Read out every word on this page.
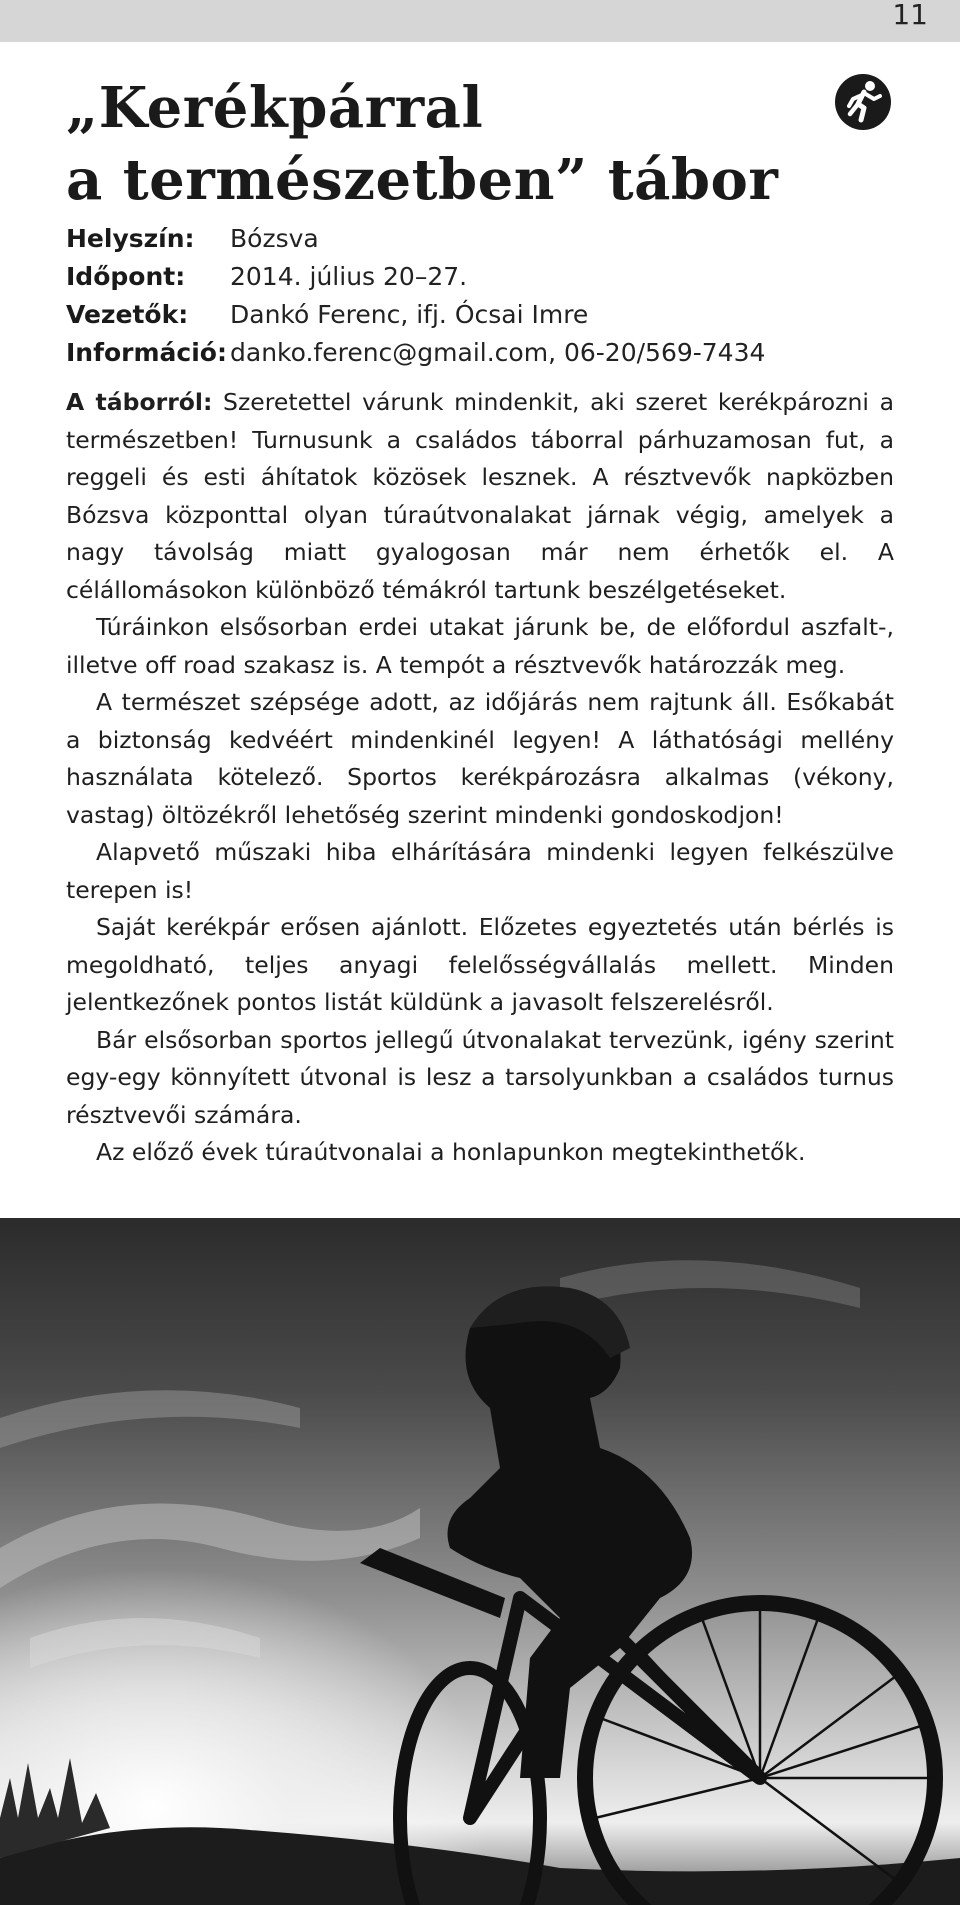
11
„Kerékpárral
a természetben” tábor
Helyszín:	Bózsva
Időpont:	2014. július 20–27.
Vezetők:	Dankó Ferenc, ifj. Ócsai Imre
Információ: danko.ferenc@gmail.com, 06-20/569-7434

A táborról: Szeretettel várunk mindenkit, aki szeret kerékpározni a természetben! Turnusunk a családos táborral párhuzamosan fut, a reggeli és esti áhítatok közösek lesznek. A résztvevők napközben Bózsva központtal olyan túraútvonalakat járnak végig, amelyek a nagy távolság miatt gyalogosan már nem érhetők el. A célállomásokon különböző témákról tartunk beszélgetéseket.

Túráinkon elsősorban erdei utakat járunk be, de előfordul aszfalt-, illetve off road szakasz is. A tempót a résztvevők határozzák meg.

A természet szépsége adott, az időjárás nem rajtunk áll. Esőkabát a biztonság kedvéért mindenkinél legyen! A láthatósági mellény használata kötelező. Sportos kerékpározásra alkalmas (vékony, vastag) öltözékről lehetőség szerint mindenki gondoskodjon!

Alapvető műszaki hiba elhárítására mindenki legyen felkészülve terepen is!

Saját kerékpár erősen ajánlott. Előzetes egyeztetés után bérlés is megoldható, teljes anyagi felelősségvállalás mellett. Minden jelentkezőnek pontos listát küldünk a javasolt felszerelésről.

Bár elsősorban sportos jellegű útvonalakat tervezünk, igény szerint egy-egy könnyített útvonal is lesz a tarsolyunkban a családos turnus résztvevői számára.

Az előző évek túraútvonalai a honlapunkon megtekinthetők.
